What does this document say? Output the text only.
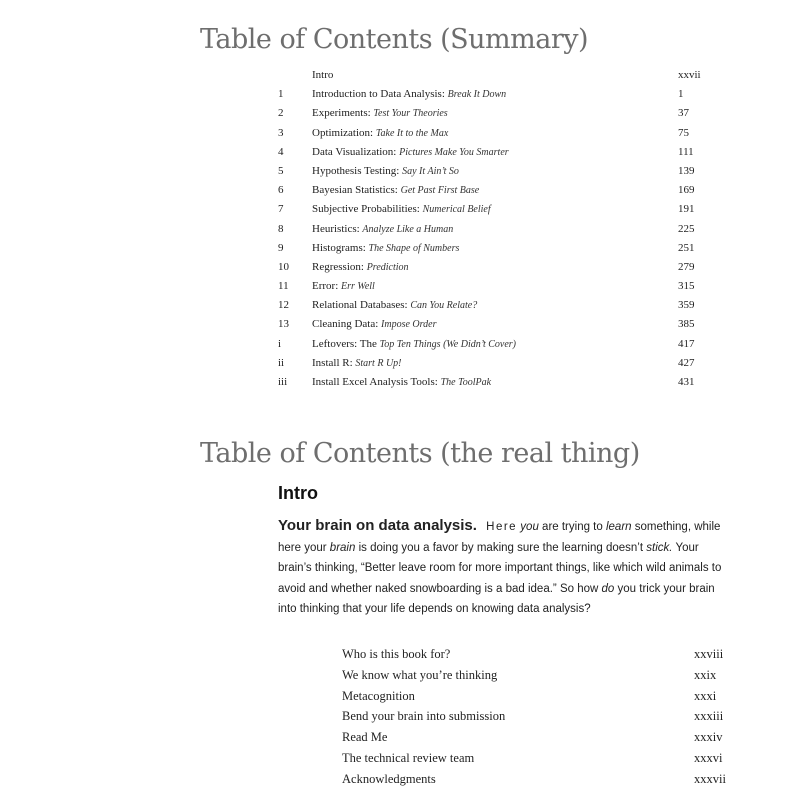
Table of Contents (Summary)
Intro	xxvii
1	Introduction to Data Analysis: Break It Down	1
2	Experiments: Test Your Theories	37
3	Optimization: Take It to the Max	75
4	Data Visualization: Pictures Make You Smarter	111
5	Hypothesis Testing: Say It Ain’t So	139
6	Bayesian Statistics: Get Past First Base	169
7	Subjective Probabilities: Numerical Belief	191
8	Heuristics: Analyze Like a Human	225
9	Histograms: The Shape of Numbers	251
10 Regression: Prediction	279
11 Error: Err Well	315
12 Relational Databases: Can You Relate?	359
13 Cleaning Data: Impose Order	385
i	Leftovers: The Top Ten Things (We Didn’t Cover)	417
ii	Install R: Start R Up!	427
iii Install Excel Analysis Tools: The ToolPak	431
Table of Contents (the real thing)
Intro
Your brain on data analysis. Here you are trying to learn something, while here your brain is doing you a favor by making sure the learning doesn’t stick. Your brain’s thinking, “Better leave room for more important things, like which wild animals to avoid and whether naked snowboarding is a bad idea.” So how do you trick your brain into thinking that your life depends on knowing data analysis?
Who is this book for?	xxviii
We know what you’re thinking	xxix
Metacognition	xxxi
Bend your brain into submission	xxxiii
Read Me	xxxiv
The technical review team	xxxvi
Acknowledgments	xxxvii
